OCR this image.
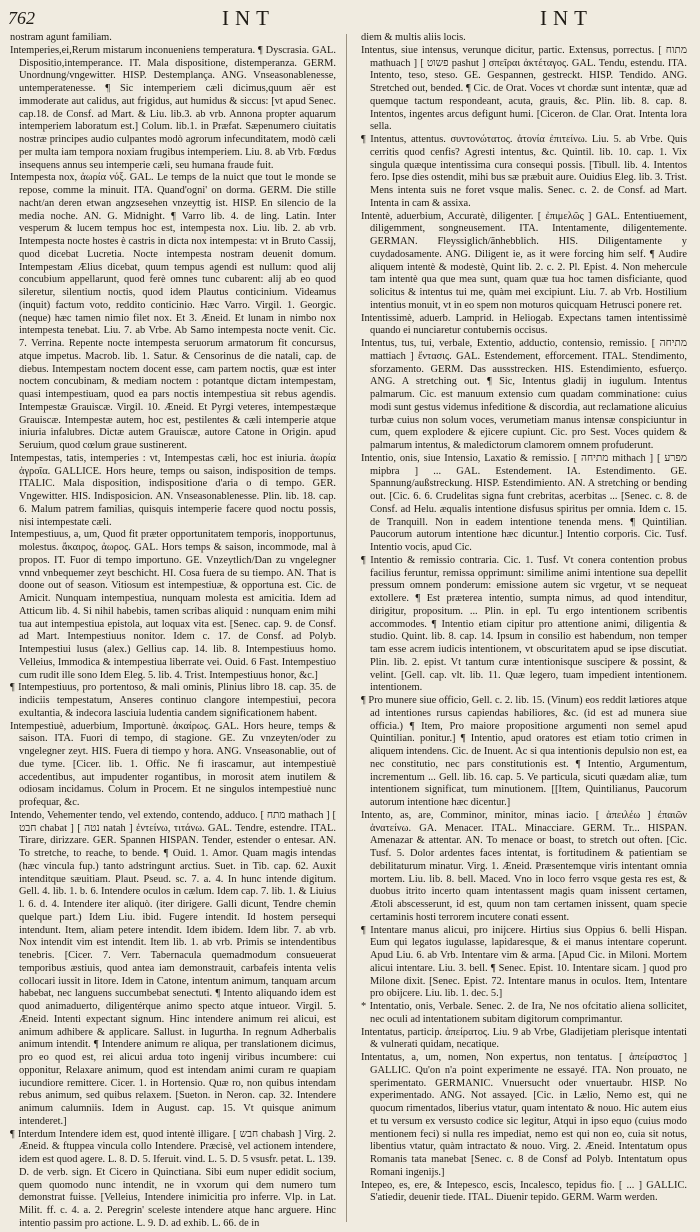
762	INT	INT

nostram agunt familiam.

Intemperies,ei,Rerum mistarum inconueniens temperatura. ¶ Dyscrasia. GAL. Dispositio,intemperance. IT. Mala dispositione, distemperanza. GERM. Unordnung/vngewitter. HISP. Destemplança. ANG. Vnseasonablenesse, untemperatenesse. ¶ Sic intemperiem cæli dicimus,quum aër est immoderate aut calidus, aut frigidus, aut humidus & siccus: [vt apud Senec. cap.18. de Consf. ad Mart. & Liu. lib.3. ab vrb. Annona propter aquarum intemperiem laboratum est.] Colum. lib.1. in Præfat. Sæpenumero ciuitatis nostræ principes audio culpantes modò agrorum infecunditatem, modò cæli per multa iam tempora noxiam frugibus intemperiem. Liu. 8. ab Vrb. Fœdus insequens annus seu intemperie cæli, seu humana fraude fuit.

Intempesta nox, ἀωρία νύξ. GAL. Le temps de la nuict que tout le monde se repose, comme la minuit. ITA. Quand'ogni' on dorma. GERM. Die stille nacht/an deren etwan angzsesehen vnzeyttig ist. HISP. En silencio de la media noche. AN. G. Midnight. ¶ Varro lib. 4. de ling. Latin. Inter vesperum & lucem tempus hoc est, intempesta nox. Liu. lib. 2. ab vrb. Intempesta nocte hostes è castris in dicta nox intempesta: vt in Bruto Cassij, quod dicebat Lucretia. Nocte intempesta nostram deuenit domum. Intempestam Ælius dicebat, quum tempus agendi est nullum: quod alij concubium appellarunt, quod ferè omnes tunc cubarent: alij ab eo quod sileretur, silentium noctis, quod idem Plautus conticinium. Videamus (inquit) factum voto, reddito conticinio. Hæc Varro. Virgil. 1. Georgic. (neque) hæc tamen nimio filet nox. Et 3. Æneid. Et lunam in nimbo nox intempesta tenebat. Liu. 7. ab Vrbe. Ab Samo intempesta nocte venit. Cic. 7. Verrina. Repente nocte intempesta seruorum armatorum fit concursus, atque impetus. Macrob. lib. 1. Satur. & Censorinus de die natali, cap. de diebus. Intempestam noctem docent esse, cam partem noctis, quæ est inter noctem concubinam, & mediam noctem : potantque dictam intempestam, quasi intempestiuam, quod ea pars noctis intempestiua sit rebus agendis. Intempestæ Grauiscæ. Virgil. 10. Æneid. Et Pyrgi veteres, intempestæque Grauiscæ. Intempestæ autem, hoc est, pestilentes & cæli intemperie atque iniuria infalubres. Dictæ autem Grauiscæ, autore Catone in Origin. apud Seruium, quod cœlum graue sustinerent.

Intempestas, tatis, intemperies : vt, Intempestas cæli, hoc est iniuria. ἀωρία ἀγροῖα. GALLICE. Hors heure, temps ou saison, indisposition de temps. ITALIC. Mala disposition, indispositione d'aria o di tempo. GER. Vngewitter. HIS. Indisposicion. AN. Vnseasonablenesse. Plin. lib. 18. cap. 6. Malum patrem familias, quisquis intemperie facere quod noctu possis, nisi intempestate cæli.

Intempestiuus, a, um, Quod fit præter opportunitatem temporis, inopportunus, molestus. ἄκαιρος, ἀωρος. GAL. Hors temps & saison, incommode, mal à propos. IT. Fuor di tempo importuno. GE. Vnzeytlich/Dan zu vngelegner vnnd vnbequemer zeyt beschicht. HI. Cosa fuera de su tiempo. AN. That is doone out of season. Vitiosum est intempestiuæ, & opportuna est. Cic. de Amicit. Nunquam intempestiua, nunquam molesta est amicitia. Idem ad Atticum lib. 4. Si nihil habebis, tamen scribas aliquid : nunquam enim mihi tua aut intempestiua epistola, aut loquax vita est. [Senec. cap. 9. de Consf. ad Mart. Intempestiuus nonitor. Idem c. 17. de Consf. ad Polyb. Intempestiui lusus (alex.) Gellius cap. 14. lib. 8. Intempestiuus homo. Velleius, Immodica & intempestiua liberrate vei. Ouid. 6 Fast. Intempestiuo cum rudit ille sono Idem Eleg. 5. lib. 4. Trist. Intempestiuus honor, &c.]

¶ Intempestiuus, pro portentoso, & mali ominis, Plinius libro 18. cap. 35. de indiciis tempestatum, Anseres continuo clangore intempestiui, pecora exultantia, & indecora lasciuia ludentia candem significationem habent.

Intempestiuè, aduerbium, Importunè. ἀκαίρως. GAL. Hors heure, temps & saison. ITA. Fuori di tempo, di stagione. GE. Zu vnzeyten/oder zu vngelegner zeyt. HIS. Fuera di tiempo y hora. ANG. Vnseasonablie, out of due tyme. [Cicer. lib. 1. Offic. Ne fi irascamur, aut intempestiuè accedentibus, aut impudenter rogantibus, in morosit atem inutilem & odiosam incidamus. Colum in Procem. Et ne singulos intempestiuè nunc profequar, &c.

Intendo, Vehementer tendo, vel extendo, contendo, adduco. [ מתח mathach ] [ חבט chabat ] [ נטה natah ] ἐντείνω, τιτάνω. GAL. Tendre, estendre. ITAL. Tirare, dirizzare. GER. Spannen HISPAN. Tender, estender o entesar. AN. To stretche, to reache, to bende. ¶ Ouid. 1. Amor. Quam magis intendas (hæc vincula fup.) tanto adstringunt arctius. Suet. in Tib. cap. 62. Auxit intenditque sæuitiam. Plaut. Pseud. sc. 7. a. 4. In hunc intende digitum. Gell. 4. lib. 1. b. 6. Intendere oculos in cælum. Idem cap. 7. lib. 1. & Liuius l. 6. d. 4. Intendere iter aliquò. (iter dirigere. Galli dicunt, Tendre chemin quelque part.) Idem Liu. ibid. Fugere intendit. Id hostem persequi intendunt. Item, aliam petere intendit. Idem ibidem. Idem libr. 7. ab vrb. Nox intendit vim est intendit. Item lib. 1. ab vrb. Primis se intendentibus tenebris. [Cicer. 7. Verr. Tabernacula quemadmodum consueuerat temporibus æstiuis, quod antea iam demonstrauit, carbafeis intenta velis collocari iussit in litore. Idem in Catone, intentum animum, tanquam arcum habebat, nec languens succumbebat senectuti. ¶ Intento aliquando idem est quod animaduerto, diligentérque animo specto atque intueor. Virgil. 5. Æneid. Intenti expectant signum. Hinc intendere animum rei alicui, est animum adhibere & applicare. Sallust. in Iugurtha. In regnum Adherbalis animum intendit. ¶ Intendere animum re aliqua, per translationem dicimus, pro eo quod est, rei alicui ardua toto ingenij viribus incumbere: cui opponitur, Relaxare animum, quod est intendam animi curam re quapiam iucundiore remittere. Cicer. 1. in Hortensio. Quæ ro, non quibus intendam rebus animum, sed quibus relaxem. [Sueton. in Neron. cap. 32. Intendere animum calumniis. Idem in August. cap. 15. Vt quisque animum intenderet.]

¶ Interdum Intendere idem est, quod intentè illigare. [ חבש chabash ] Virg. 2. Æneid. & ftuppea vincula collo Intendere. Præcisè, vel actionem intendere, idem est quod agere. L. 8. D. 5. Iferuit. vind. L. 5. D. 5 vsusfr. petat. L. 139. D. de verb. sign. Et Cicero in Quinctiana. Sibi eum nuper edidit socium, quem quomodo nunc intendit, ne in vxorum qui dem numero tum demonstrat fuisse. [Velleius, Intendere inimicitia pro inferre. Vlp. in Lat. Milit. ff. c. 4. a. 2. Peregrin' sceleste intendere atque hanc arguere. Hinc intentio passim pro actione. L. 9. D. ad exhib. L. 66. de in

diem & multis aliis locis.

Intentus, siue intensus, verunque dicitur, partic. Extensus, porrectus. [ מתוח mathuach ] [ פשוט pashut ] σπεῖραι ἀκτέταγος. GAL. Tendu, estendu. ITA. Intento, teso, steso. GE. Gespannen, gestreckt. HISP. Tendido. ANG. Stretched out, bended. ¶ Cic. de Orat. Voces vt chordæ sunt intentæ, quæ ad quemque tactum respondeant, acuta, grauis, &c. Plin. lib. 8. cap. 8. Intentos, ingentes arcus defigunt humi. [Ciceron. de Clar. Orat. Intenta lora sella.

¶ Intentus, attentus. συντονώτατος. ἀτονία ἐπιτείνω. Liu. 5. ab Vrbe. Quis cerritis quod cenfis? Agresti intentus, &c. Quintil. lib. 10. cap. 1. Vix singula quæque intentissima cura consequi possis. [Tibull. lib. 4. Intentos fero. Ipse dies ostendit, mihi bus sæ præbuit aure. Ouidius Eleg. lib. 3. Trist. Mens intenta suis ne foret vsque malis. Senec. c. 2. de Consf. ad Mart. Intenta in cam & assixa.

Intentè, aduerbium, Accuratè, diligenter. [ ἐπιμελῶς ] GAL. Ententiuement, diligemment, songneusement. ITA. Intentamente, diligentemente. GERMAN. Fleyssiglich/ãnhebblich. HIS. Diligentamente y cuydadosamente. ANG. Diligent ie, as it were forcing him self. ¶ Audire aliquem intentè & modestè, Quint lib. 2. c. 2. Pl. Epist. 4. Non mehercule tam intentè qua que mea sunt, quam quæ tua hoc tamen disficiante, quod solicitus & intentus tui me, quàm mei excipiunt. Liu. 7. ab Vrb. Hostilium intentius monuit, vt in eo spem non moturos quicquam Hetrusci ponere ret.

Intentissimè, aduerb. Lamprid. in Heliogab. Expectans tamen intentissimè quando ei nunciaretur contubernis occisus.

Intentus, tus, tui, verbale, Extentio, adductio, contensio, remissio. [ מתיחה mattiach ] ἔντασις. GAL. Estendement, efforcement. ITAL. Stendimento, sforzamento. GERM. Das aussstrecken. HIS. Estendimiento, esfuerço. ANG. A stretching out. ¶ Sic, Intentus gladij in iugulum. Intentus palmarum. Cic. est manuum extensio cum quadam comminatione: cuius modi sunt gestus videmus infeditione & discordia, aut reclamatione alicuius turbæ cuius non solum voces, verumetiam manus intensæ conspiciuntur in cum, quem explodere & ejicere cupiunt. Cic. pro Sest. Voces quidem & palmarum intentus, & maledictorum clamorem omnem profuderunt.

Intentio, onis, siue Intensio, Laxatio & remissio. [ מתיחה mithach ] [ מפרע mipbra ] ... GAL. Estendement. IA. Estendimento. GE. Spannung/außstreckung. HISP. Estendimiento. AN. A stretching or bending out. [Cic. 6. 6. Crudelitas signa funt crebritas, acerbitas ... [Senec. c. 8. de Consf. ad Helu. æqualis intentione disfusus spiritus per omnia. Idem c. 15. de Tranquill. Non in eadem intentione tenenda mens. ¶ Quintilian. Paucorum autorum intentione hæc dicuntur.] Intentio corporis. Cic. Tusf. Intentio vocis, apud Cic.

¶ Intentio & remissio contraria. Cic. 1. Tusf. Vt conera contention probus facilius feruntur, remissa opprimunt: similime animi intentione sua depellit pressum omnem ponderum: emissione autem sic vrgetur, vt se nequeat extollere. ¶ Est præterea intentio, sumpta nimus, ad quod intenditur, dirigitur, propositum. ... Plin. in epl. Tu ergo intentionem scribentis accommodes. ¶ Intentio etiam cipitur pro attentione animi, diligentia & studio. Quint. lib. 8. cap. 14. Ipsum in consilio est habendum, non temper tam esse acrem iudicis intentionem, vt obscuritatem apud se ipse discutiat. Plin. lib. 2. epist. Vt tantum curæ intentionisque suscipere & possint, & velint. [Gell. cap. vlt. lib. 11. Quæ legero, tuam impedient intentionem. intentionem.

¶ Pro munere siue officio, Gell. c. 2. lib. 15. (Vinum) eos reddit lætiores atque ad intentiones rursus capiendas habiliores, &c. (id est ad munera siue officia.) ¶ Item, Pro maiore propositione argumenti non semel apud Quintilian. ponitur.] ¶ Intentio, apud oratores est etiam totio crimen in aliquem intendens. Cic. de Inuent. Ac si qua intentionis depulsio non est, ea nec constitutio, nec pars constitutionis est. ¶ Intentio, Argumentum, incrementum ... Gell. lib. 16. cap. 5. Ve particula, sicuti quædam aliæ, tum intentionem significat, tum minutionem. [[Item, Quintilianus, Paucorum autorum intentione hæc dicentur.]

Intento, as, are, Comminor, minitor, minas iacio. [ ἀπειλέω ] ἐπαιῶν ἀνατείνω. GA. Menacer. ITAL. Minacciare. GERM. Tr... HISPAN. Amenazar & attentar. AN. To menace or boast, to stretch out often. [Cic. Tusf. 5. Dolor ardentes faces intentat, is fortitudinem & patientiam se debilitaturum minatur. Virg. 1. Æneid. Præsentemque viris intentant omnia mortem. Liu. lib. 8. bell. Maced. Vno in loco ferro vsque gesta res est, & duobus itrito incerto quam intentassent magis quam inissent certamen, Ætoli abscesserunt, id est, quum non tam certamen inissent, quam specie certaminis hosti terrorem incutere conati essent.

¶ Intentare manus alicui, pro inijcere. Hirtius sius Oppius 6. belli Hispan. Eum qui legatos iugulasse, lapidaresque, & ei manus intentare coperunt. Apud Liu. 6. ab Vrb. Intentare vim & arma. [Apud Cic. in Miloni. Mortem alicui intentare. Liu. 3. bell. ¶ Senec. Epist. 10. Intentare sicam. ] quod pro Milone dixit. [Senec. Epist. 72. Intentare manus in oculos. Item, Intentare pro obijcere. Liu. lib. 1. dec. 5.]

* Intentatio, onis, Verbale. Senec. 2. de Ira, Ne nos ofcitatio aliena sollicitet, nec oculi ad intentationem subitam digitorum comprimantur.

Intentatus, particip. ἀπείρατος. Liu. 9 ab Vrbe, Gladijetiam plerisque intentati & vulnerati quidam, necatique.

Intentatus, a, um, nomen, Non expertus, non tentatus. [ ἀπείραστος ] GALLIC. Qu'on n'a point experimente ne essayé. ITA. Non prouato, ne sperimentato. GERMANIC. Vnuersucht oder vnuertaubr. HISP. No experimentado. ANG. Not assayed. [Cic. in Lælio, Nemo est, qui ne quocum rimentados, liberius vtatur, quam intentato & nouo. Hic autem eius et tu versum ex versusto codice sic legitur, Atqui in ipso equo (cuius modo mentionem feci) si nulla res impediat, nemo est qui non eo, cuia sit notus, libentius vtatur, quàm intractato & nouo. Virg. 2. Æneid. Intentatum opus Romanis tata manebat [Senec. c. 8 de Consf ad Polyb. Intentatum opus Romani ingenijs.]

Intepeo, es, ere, & Intepesco, escis, Incalesco, tepidus fio. [ ... ] GALLIC. S'atiedir, deuenir tiede. ITAL. Diuenir tepido. GERM. Warm werden.
